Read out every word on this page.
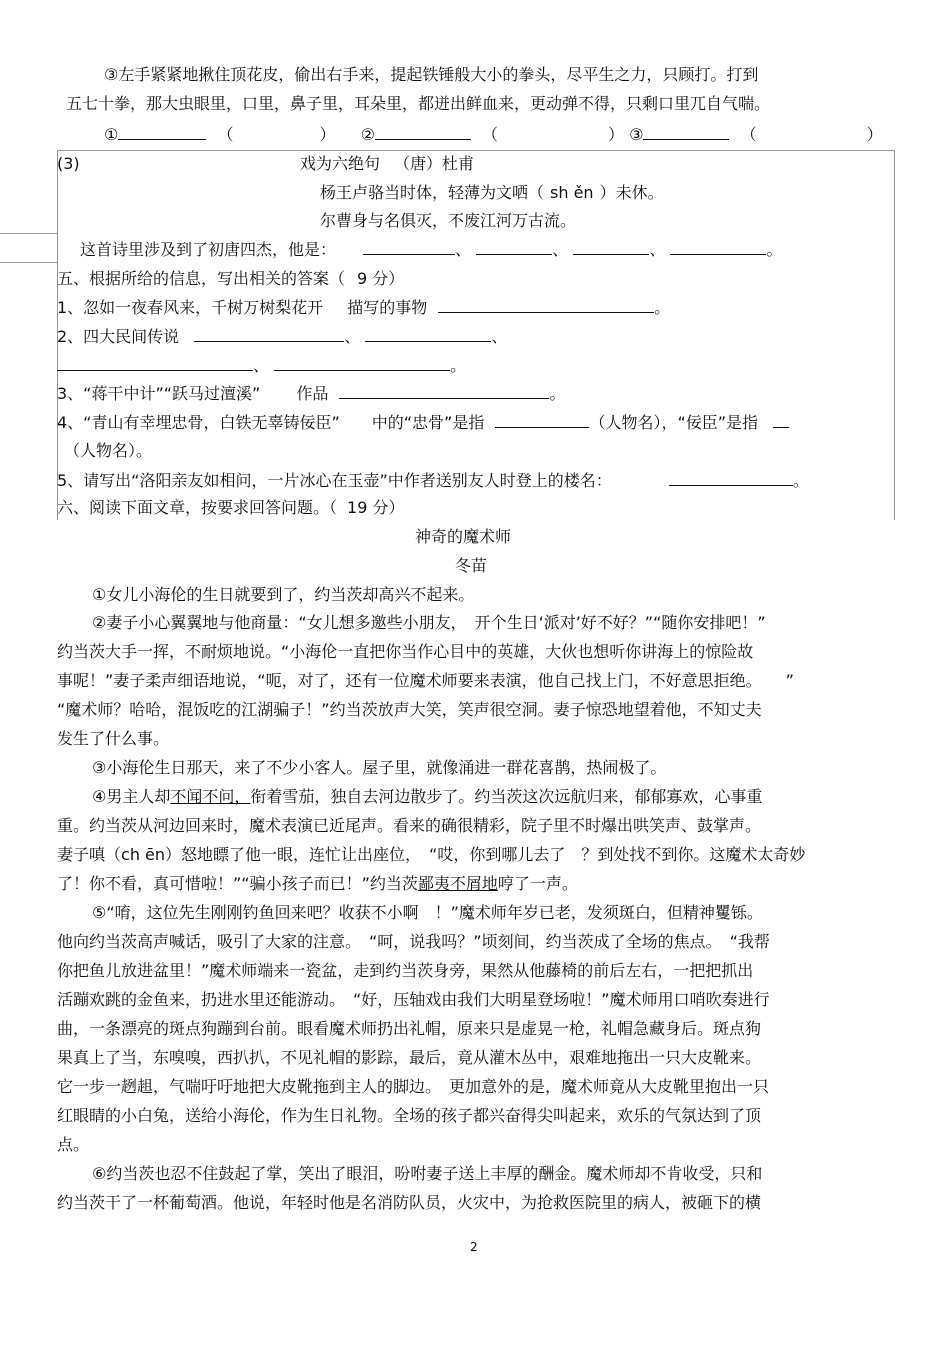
③左手紧紧地揪住顶花皮，偷出右手来，提起铁锤般大小的拳头，尽平生之力，只顾打。打到
五七十拳，那大虫眼里，口里，鼻子里，耳朵里，都迸出鲜血来，更动弹不得，只剩口里兀自气喘。
①	（	） ②	（	） ③	（	）
(3)	戏为六绝句 （唐）杜甫
杨王卢骆当时体，轻薄为文哂（ sh ěn ）未休。
尔曹身与名俱灭，不废江河万古流。
这首诗里涉及到了初唐四杰，他是：	、	、	、	。
五、根据所给的信息，写出相关的答案（ 9 分）
1、忽如一夜春风来，千树万树梨花开 描写的事物	。
2、四大民间传说	、	、
、	。
3、“蒋干中计”“跃马过澶溪” 作品	。
4、“青山有幸埋忠骨，白铁无辜铸佞臣” 中的“忠骨”是指	（人物名），“佞臣”是指
（人物名）。
5、请写出“洛阳亲友如相问，一片冰心在玉壶”中作者送别友人时登上的楼名：	。
六、阅读下面文章，按要求回答问题。（ 19 分）
神奇的魔术师
冬苗
①女儿小海伦的生日就要到了，约当茨却高兴不起来。
②妻子小心翼翼地与他商量：“女儿想多邀些小朋友，　开个生日‘派对’好不好？”“随你安排吧！”
约当茨大手一挥，不耐烦地说。“小海伦一直把你当作心目中的英雄，大伙也想听你讲海上的惊险故
事呢！”妻子柔声细语地说，“呃，对了，还有一位魔术师要来表演，他自己找上门，不好意思拒绝。　　”
“魔术师？哈哈，混饭吃的江湖骗子！”约当茨放声大笑，笑声很空洞。妻子惊恐地望着他，不知丈夫
发生了什么事。
③小海伦生日那天，来了不少小客人。屋子里，就像涌进一群花喜鹊，热闹极了。
④男主人却不闻不问，衔着雪茄，独自去河边散步了。约当茨这次远航归来，郁郁寡欢，心事重
重。约当茨从河边回来时，魔术表演已近尾声。看来的确很精彩，院子里不时爆出哄笑声、鼓掌声。
妻子嗔（ch ēn）怒地瞟了他一眼，连忙让出座位，　“哎，你到哪儿去了　？到处找不到你。这魔术太奇妙
了！你不看，真可惜啦！”“骗小孩子而已！”约当茨鄙夷不屑地哼了一声。
⑤“唷，这位先生刚刚钓鱼回来吧？收获不小啊　！”魔术师年岁已老，发须斑白，但精神矍铄。
他向约当茨高声喊话，吸引了大家的注意。　“呵，说我吗？”顷刻间，约当茨成了全场的焦点。　“我帮
你把鱼儿放进盆里！”魔术师端来一瓷盆，走到约当茨身旁，果然从他藤椅的前后左右，一把把抓出
活蹦欢跳的金鱼来，扔进水里还能游动。　“好，压轴戏由我们大明星登场啦！”魔术师用口哨吹奏进行
曲，一条漂亮的斑点狗蹦到台前。眼看魔术师扔出礼帽，原来只是虚晃一枪，礼帽急藏身后。斑点狗
果真上了当，东嗅嗅，西扒扒，不见礼帽的影踪，最后，竟从灌木丛中，艰难地拖出一只大皮靴来。
它一步一趔趄，气喘吁吁地把大皮靴拖到主人的脚边。　更加意外的是，魔术师竟从大皮靴里抱出一只
红眼睛的小白兔，送给小海伦，作为生日礼物。全场的孩子都兴奋得尖叫起来，欢乐的气氛达到了顶
点。
⑥约当茨也忍不住鼓起了掌，笑出了眼泪，吩咐妻子送上丰厚的酬金。魔术师却不肯收受，只和
约当茨干了一杯葡萄酒。他说，年轻时他是名消防队员，火灾中，为抢救医院里的病人，被砸下的横
2
